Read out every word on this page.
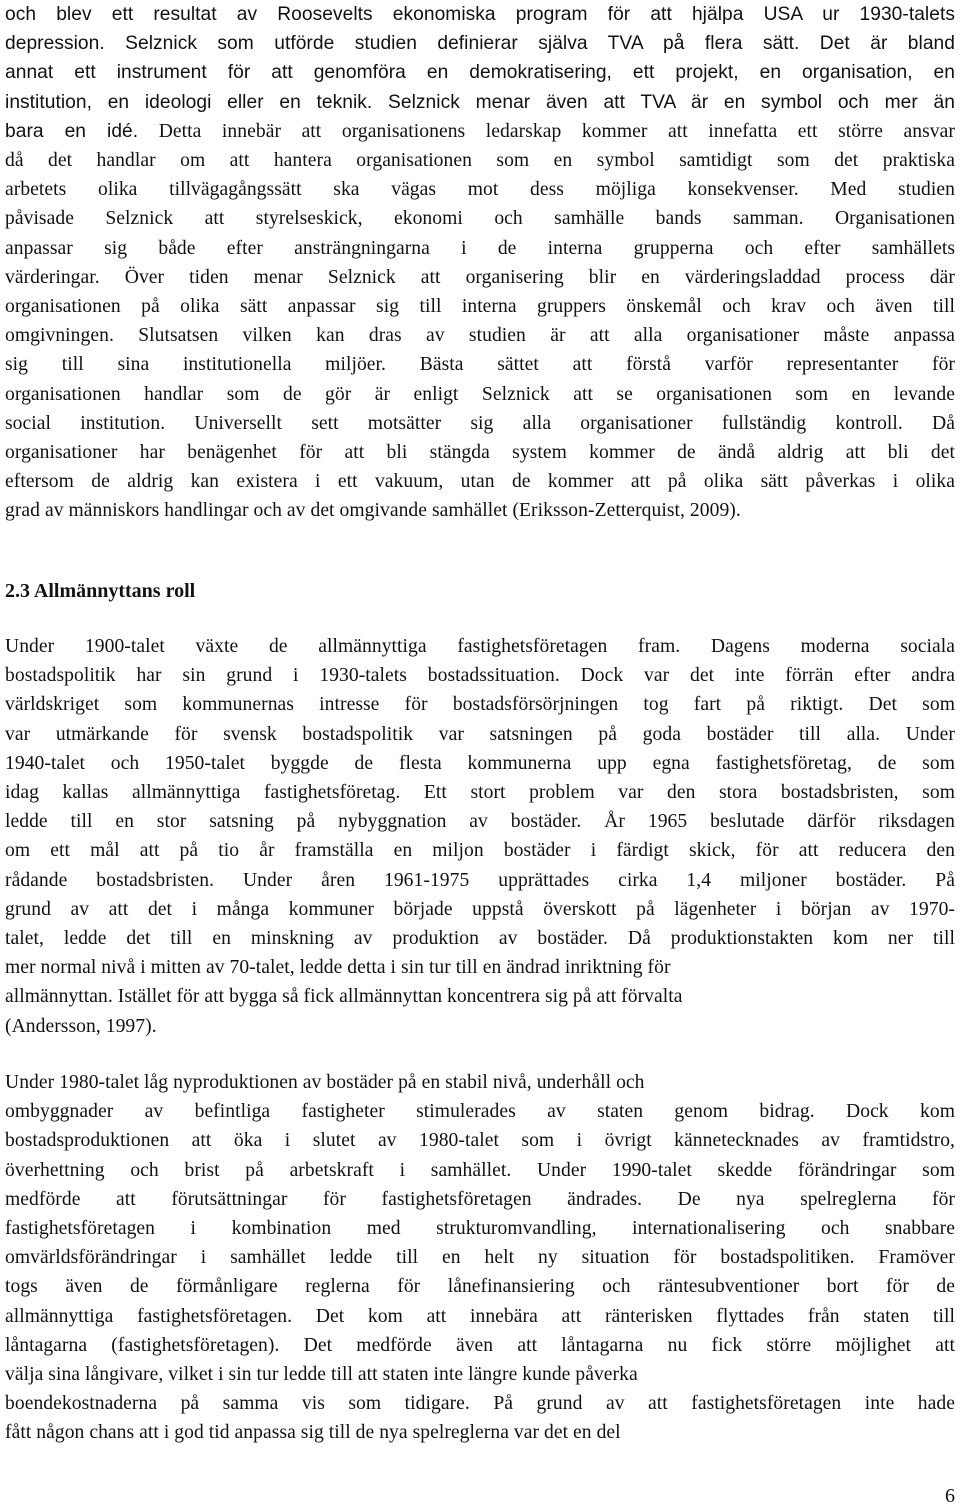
och blev ett resultat av Roosevelts ekonomiska program för att hjälpa USA ur 1930-talets
depression. Selznick som utförde studien definierar själva TVA på flera sätt. Det är bland
annat ett instrument för att genomföra en demokratisering, ett projekt, en organisation, en
institution, en ideologi eller en teknik. Selznick menar även att TVA är en symbol och mer än
bara en idé. Detta innebär att organisationens ledarskap kommer att innefatta ett större ansvar
då det handlar om att hantera organisationen som en symbol samtidigt som det praktiska
arbetets olika tillvägagångssätt ska vägas mot dess möjliga konsekvenser. Med studien
påvisade Selznick att styrelseskick, ekonomi och samhälle bands samman. Organisationen
anpassar sig både efter ansträngningarna i de interna grupperna och efter samhällets
värderingar. Över tiden menar Selznick att organisering blir en värderingsladdad process där
organisationen på olika sätt anpassar sig till interna gruppers önskemål och krav och även till
omgivningen. Slutsatsen vilken kan dras av studien är att alla organisationer måste anpassa
sig till sina institutionella miljöer. Bästa sättet att förstå varför representanter för
organisationen handlar som de gör är enligt Selznick att se organisationen som en levande
social institution. Universellt sett motsätter sig alla organisationer fullständig kontroll. Då
organisationer har benägenhet för att bli stängda system kommer de ändå aldrig att bli det
eftersom de aldrig kan existera i ett vakuum, utan de kommer att på olika sätt påverkas i olika
grad av människors handlingar och av det omgivande samhället (Eriksson-Zetterquist, 2009).
2.3 Allmännyttans roll
Under 1900-talet växte de allmännyttiga fastighetsföretagen fram. Dagens moderna sociala
bostadspolitik har sin grund i 1930-talets bostadssituation. Dock var det inte förrän efter andra
världskriget som kommunernas intresse för bostadsförsörjningen tog fart på riktigt. Det som
var utmärkande för svensk bostadspolitik var satsningen på goda bostäder till alla. Under
1940-talet och 1950-talet byggde de flesta kommunerna upp egna fastighetsföretag, de som
idag kallas allmännyttiga fastighetsföretag. Ett stort problem var den stora bostadsbristen, som
ledde till en stor satsning på nybyggnation av bostäder. År 1965 beslutade därför riksdagen
om ett mål att på tio år framställa en miljon bostäder i färdigt skick, för att reducera den
rådande bostadsbristen. Under åren 1961-1975 upprättades cirka 1,4 miljoner bostäder. På
grund av att det i många kommuner började uppstå överskott på lägenheter i början av 1970-
talet, ledde det till en minskning av produktion av bostäder. Då produktionstakten kom ner till
mer normal nivå i mitten av 70-talet, ledde detta i sin tur till en ändrad inriktning för
allmännyttan. Istället för att bygga så fick allmännyttan koncentrera sig på att förvalta
(Andersson, 1997).
Under 1980-talet låg nyproduktionen av bostäder på en stabil nivå, underhåll och
ombyggnader av befintliga fastigheter stimulerades av staten genom bidrag. Dock kom
bostadsproduktionen att öka i slutet av 1980-talet som i övrigt kännetecknades av framtidstro,
överhettning och brist på arbetskraft i samhället. Under 1990-talet skedde förändringar som
medförde att förutsättningar för fastighetsföretagen ändrades. De nya spelreglerna för
fastighetsföretagen i kombination med strukturomvandling, internationalisering och snabbare
omvärldsförändringar i samhället ledde till en helt ny situation för bostadspolitiken. Framöver
togs även de förmånligare reglerna för lånefinansiering och räntesubventioner bort för de
allmännyttiga fastighetsföretagen. Det kom att innebära att ränterisken flyttades från staten till
låntagarna (fastighetsföretagen). Det medförde även att låntagarna nu fick större möjlighet att
välja sina långivare, vilket i sin tur ledde till att staten inte längre kunde påverka
boendekostnaderna på samma vis som tidigare. På grund av att fastighetsföretagen inte hade
fått någon chans att i god tid anpassa sig till de nya spelreglerna var det en del
6
